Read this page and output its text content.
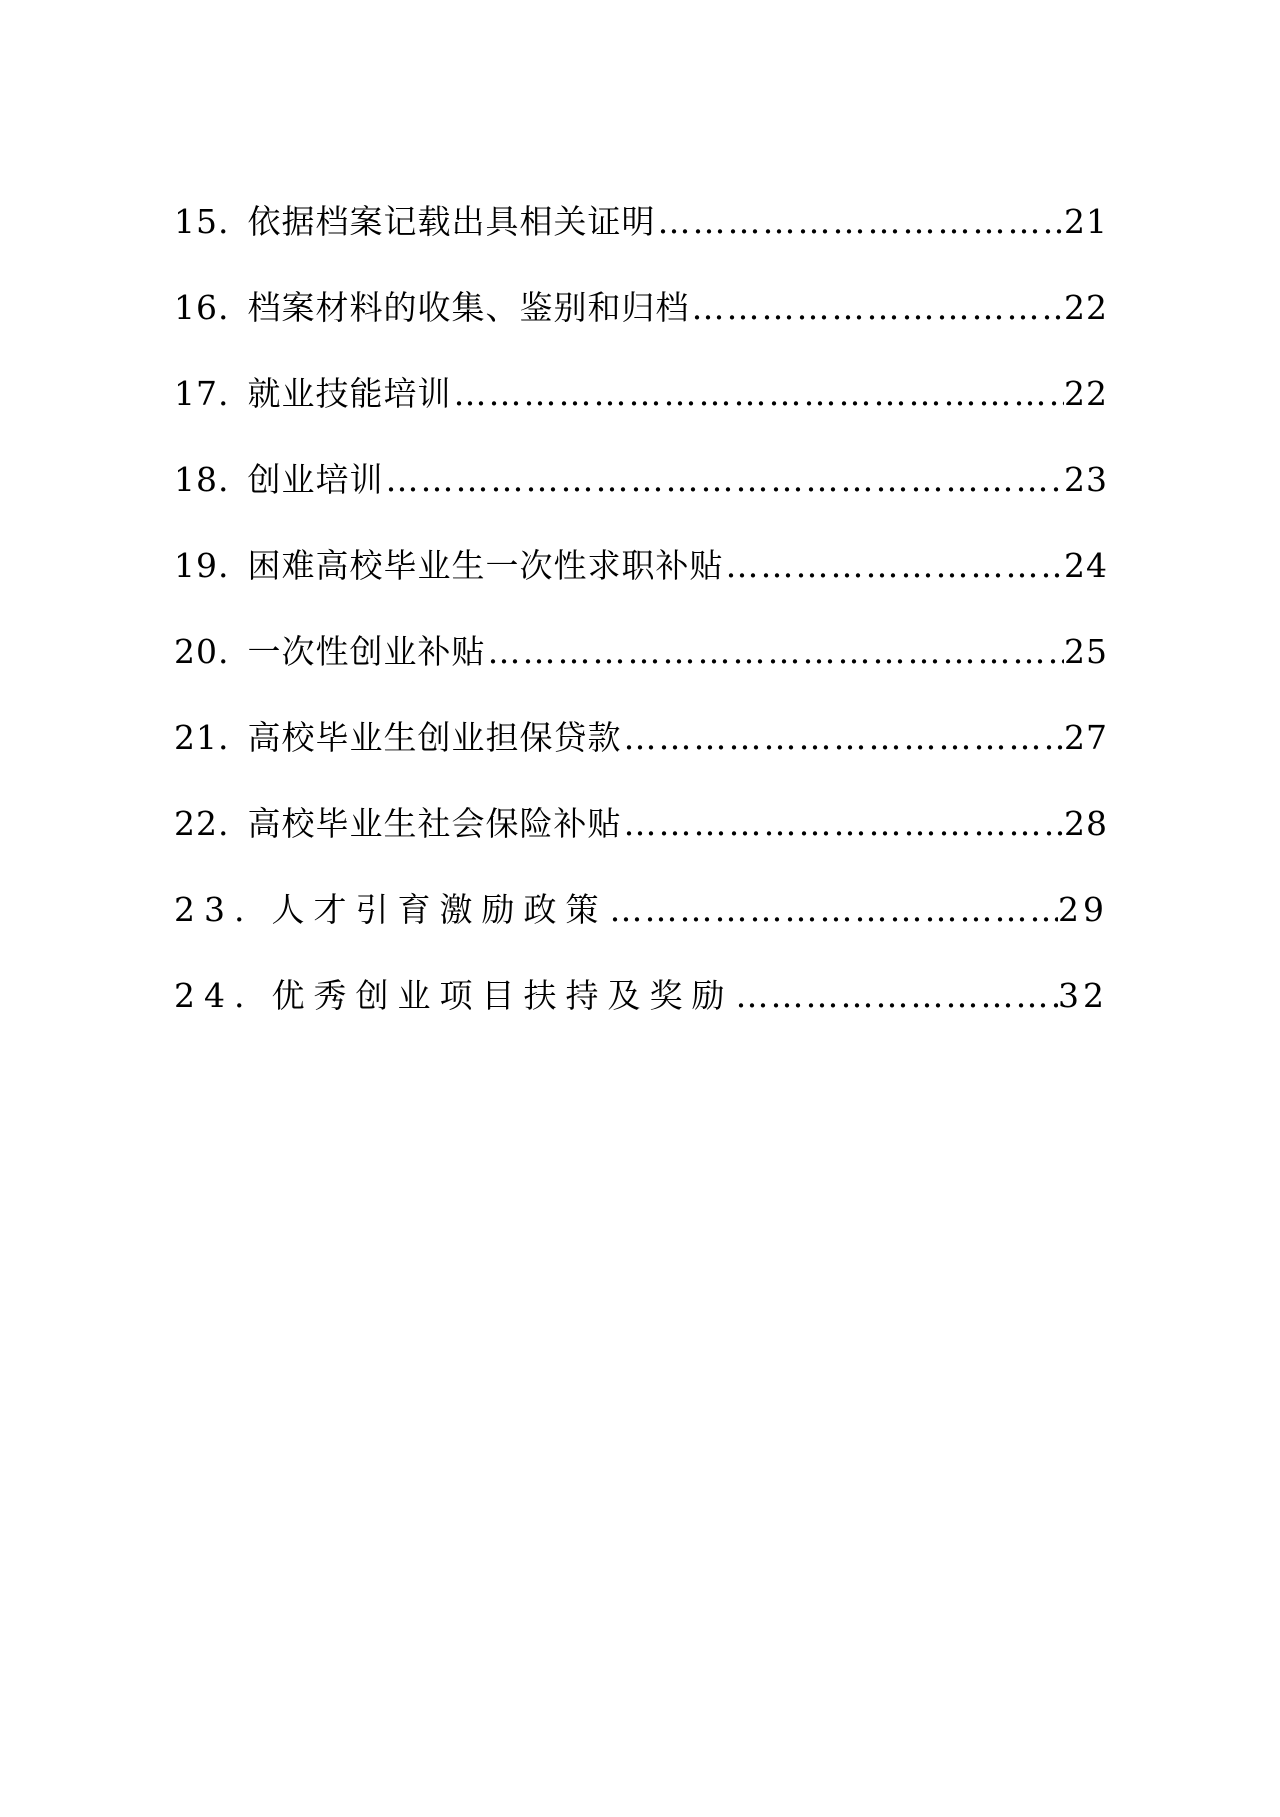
15. 依据档案记载出具相关证明 ……………………………………………………………………………………………………………………	21
16. 档案材料的收集、鉴别和归档 ……………………………………………………………………………………………………………………	22
17. 就业技能培训 ……………………………………………………………………………………………………………………	22
18. 创业培训 ……………………………………………………………………………………………………………………	23
19. 困难高校毕业生一次性求职补贴 ……………………………………………………………………………………………………………………	24
20. 一次性创业补贴 ……………………………………………………………………………………………………………………	25
21. 高校毕业生创业担保贷款 ……………………………………………………………………………………………………………………	27
22. 高校毕业生社会保险补贴 ……………………………………………………………………………………………………………………	28
23. 人才引育激励政策 ……………………………………………………………………………………………………………………	29
24. 优秀创业项目扶持及奖励 ……………………………………………………………………………………………………………………	32
